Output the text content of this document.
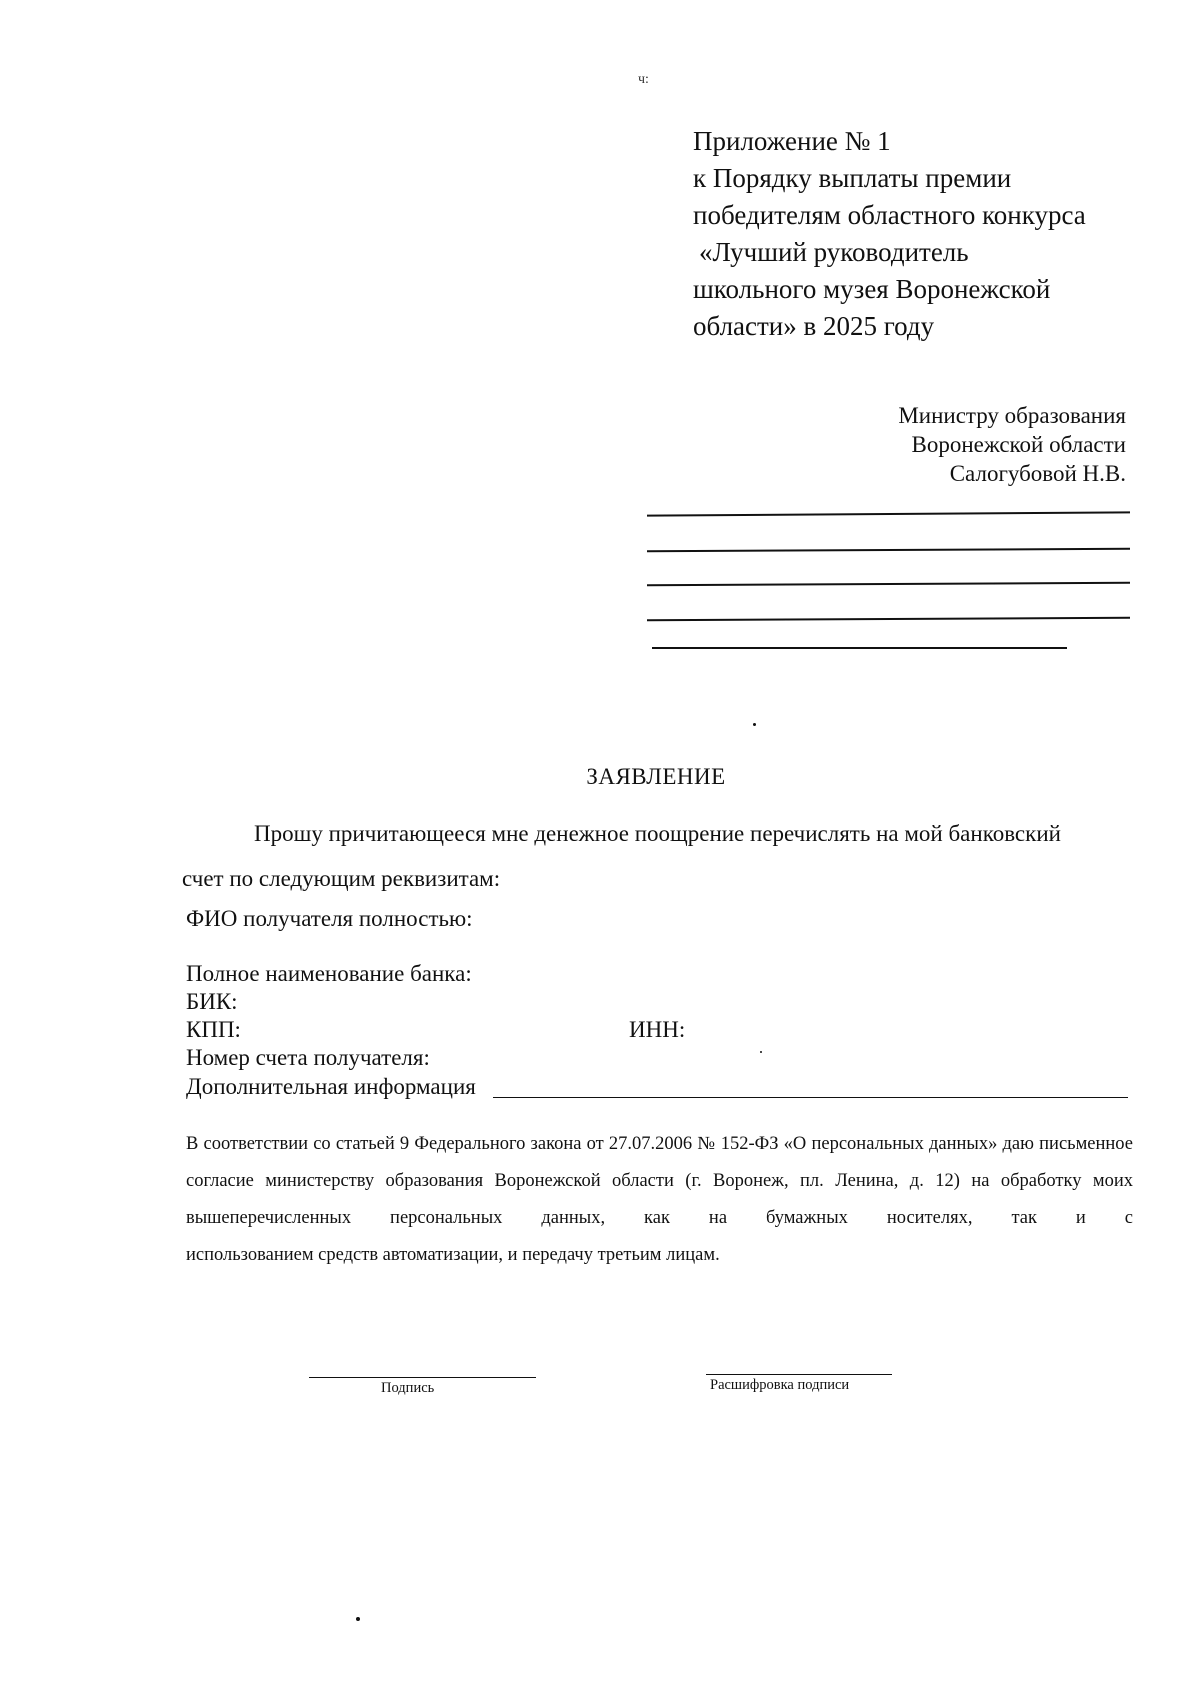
ч:
Приложение № 1
к Порядку выплаты премии
победителям областного конкурса
«Лучший руководитель
школьного музея Воронежской
области» в 2025 году
Министру образования
Воронежской области
Салогубовой Н.В.
ЗАЯВЛЕНИЕ
Прошу причитающееся мне денежное поощрение перечислять на мой банковский
счет по следующим реквизитам:
ФИО получателя полностью:
Полное наименование банка:
БИК:
КПП:	ИНН:
Номер счета получателя:
Дополнительная информация
В соответствии со статьей 9 Федерального закона от 27.07.2006 № 152-ФЗ «О персональных данных» даю письменное согласие министерству образования Воронежской области (г. Воронеж, пл. Ленина, д. 12) на обработку моих вышеперечисленных персональных данных, как на бумажных носителях, так и с
использованием средств автоматизации, и передачу третьим лицам.
Подпись	Расшифровка подписи
